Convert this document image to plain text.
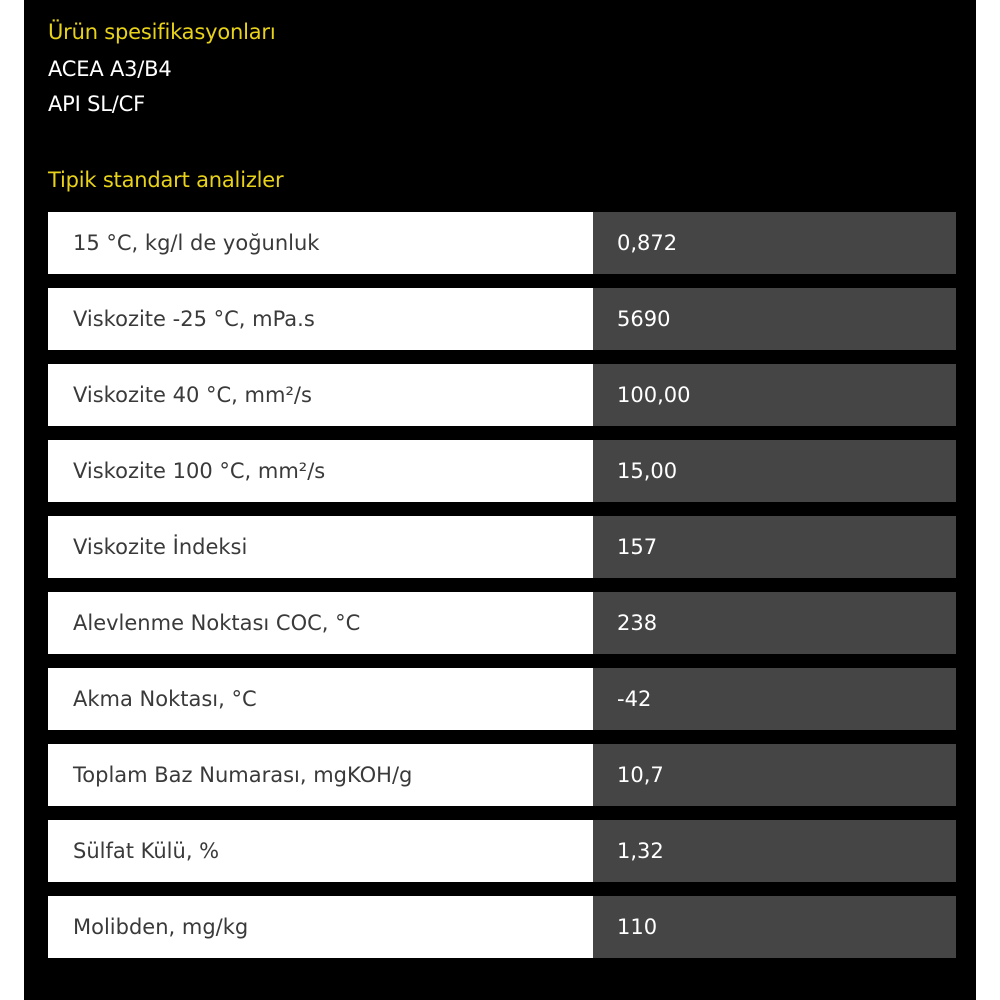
Ürün spesifikasyonları
ACEA A3/B4
API SL/CF
Tipik standart analizler
15 °C, kg/l de yoğunluk	0,872
Viskozite -25 °C, mPa.s	5690
Viskozite 40 °C, mm²/s	100,00
Viskozite 100 °C, mm²/s	15,00
Viskozite İndeksi	157
Alevlenme Noktası COC, °C	238
Akma Noktası, °C	-42
Toplam Baz Numarası, mgKOH/g	10,7
Sülfat Külü, %	1,32
Molibden, mg/kg	110
